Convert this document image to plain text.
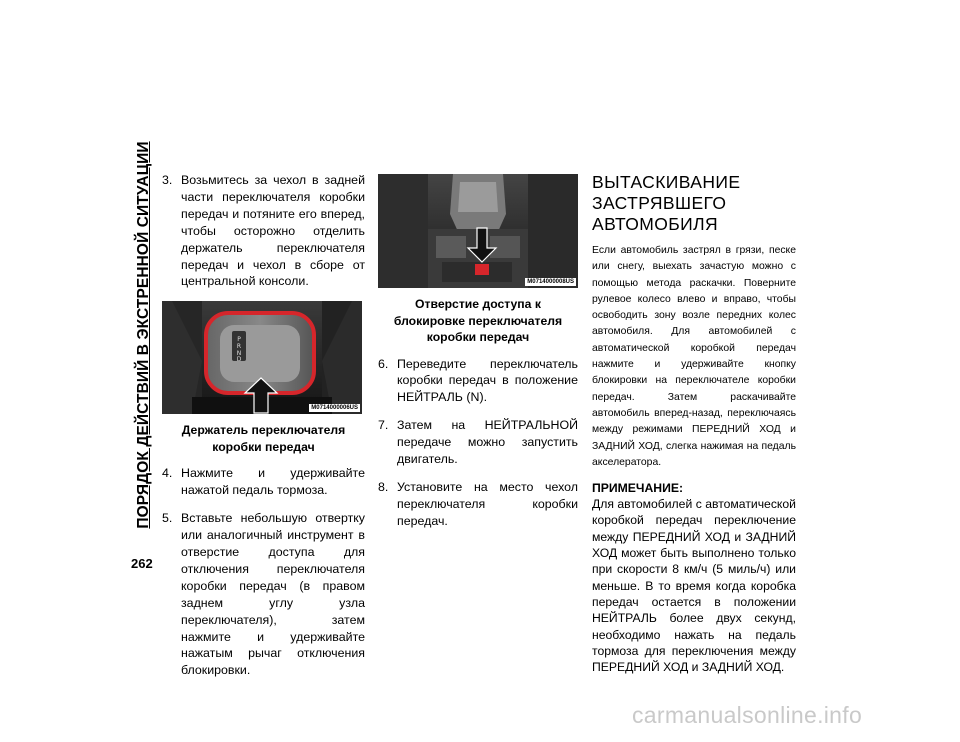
ПОРЯДОК ДЕЙСТВИЙ В ЭКСТРЕННОЙ СИТУАЦИИ
262
3. Возьмитесь за чехол в задней части переключателя коробки передач и потяните его вперед, чтобы осторожно отделить держатель переключателя передач и чехол в сборе от центральной консоли.
P
R
N
D
M0714000006US
Держатель переключателя коробки передач
4. Нажмите и удерживайте нажатой педаль тормоза.
5. Вставьте небольшую отвертку или аналогичный инструмент в отверстие доступа для отключения переключателя коробки передач (в правом заднем углу узла переключателя), затем нажмите и удерживайте нажатым рычаг отключения блокировки.
M0714000008US
Отверстие доступа к блокировке переключателя коробки передач
6. Переведите переключатель коробки передач в положение НЕЙТРАЛЬ (N).
7. Затем на НЕЙТРАЛЬНОЙ передаче можно запустить двигатель.
8. Установите на место чехол переключателя коробки передач.
ВЫТАСКИВАНИЕ ЗАСТРЯВШЕГО АВТОМОБИЛЯ
Если автомобиль застрял в грязи, песке или снегу, выехать зачастую можно с помощью метода раскачки. Поверните рулевое колесо влево и вправо, чтобы освободить зону возле передних колес автомобиля. Для автомобилей с автоматической коробкой передач нажмите и удерживайте кнопку блокировки на переключателе коробки передач. Затем раскачивайте автомобиль вперед-назад, переключаясь между режимами ПЕРЕДНИЙ ХОД и ЗАДНИЙ ХОД, слегка нажимая на педаль акселератора.
ПРИМЕЧАНИЕ:
Для автомобилей с автоматической коробкой передач переключение между ПЕРЕДНИЙ ХОД и ЗАДНИЙ ХОД может быть выполнено только при скорости 8 км/ч (5 миль/ч) или меньше. В то время когда коробка передач остается в положении НЕЙТРАЛЬ более двух секунд, необходимо нажать на педаль тормоза для переключения между ПЕРЕДНИЙ ХОД и ЗАДНИЙ ХОД.
carmanualsonline.info
